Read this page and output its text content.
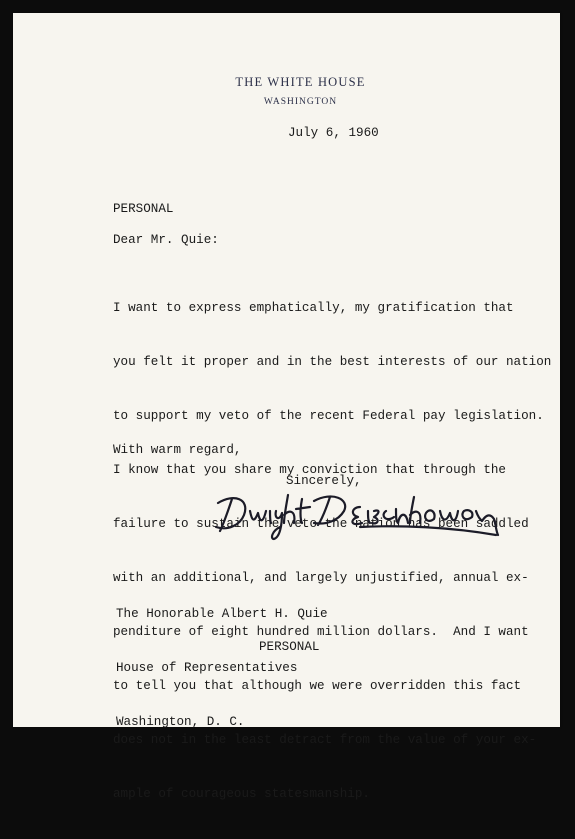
THE WHITE HOUSE
WASHINGTON
July 6, 1960
PERSONAL
Dear Mr. Quie:

I want to express emphatically, my gratification that

you felt it proper and in the best interests of our nation

to support my veto of the recent Federal pay legislation.

I know that you share my conviction that through the

failure to sustain the veto the nation has been saddled

with an additional, and largely unjustified, annual ex-

penditure of eight hundred million dollars.  And I want

to tell you that although we were overridden this fact

does not in the least detract from the value of your ex-

ample of courageous statesmanship.

With warm regard,
Sincerely,

The Honorable Albert H. Quie

House of Representatives

Washington, D. C.

PERSONAL
